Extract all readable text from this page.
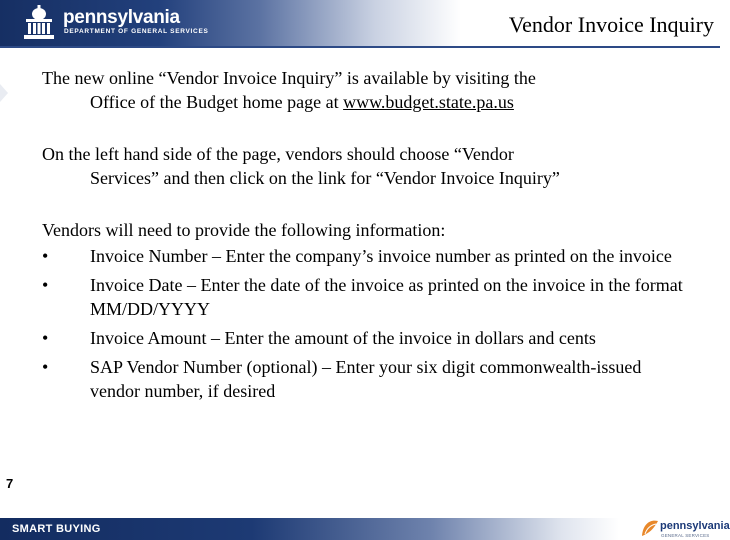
pennsylvania
DEPARTMENT OF GENERAL SERVICES	Vendor Invoice Inquiry
The new online “Vendor Invoice Inquiry” is available by visiting the
Office of the Budget home page at www.budget.state.pa.us
On the left hand side of the page, vendors should choose “Vendor
Services” and then click on the link for “Vendor Invoice Inquiry”
Vendors will need to provide the following information:
•	Invoice Number – Enter the company’s invoice number as printed on the invoice
•	Invoice Date – Enter the date of the invoice as printed on the invoice in the format MM/DD/YYYY
•	Invoice Amount – Enter the amount of the invoice in dollars and cents
•	SAP Vendor Number (optional) – Enter your six digit commonwealth-issued vendor number, if desired
7
SMART BUYING	pennsylvania
GENERAL SERVICES
